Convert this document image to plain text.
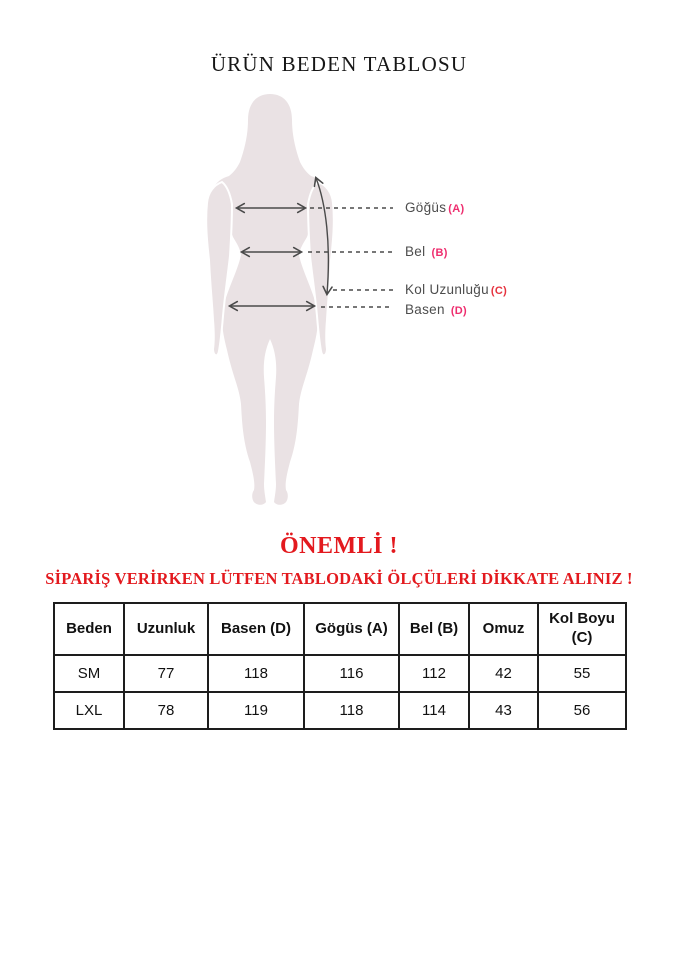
ÜRÜN BEDEN TABLOSU
Göğüs (A)
Bel (B)
Kol Uzunluğu (C)
Basen (D)
ÖNEMLİ !
SİPARİŞ VERİRKEN LÜTFEN TABLODAKİ ÖLÇÜLERİ DİKKATE ALINIZ !
Beden	Uzunluk	Basen (D)	Gögüs (A)	Bel (B)	Omuz	Kol Boyu (C)
SM	77	118	116	112	42	55
LXL	78	119	118	114	43	56
